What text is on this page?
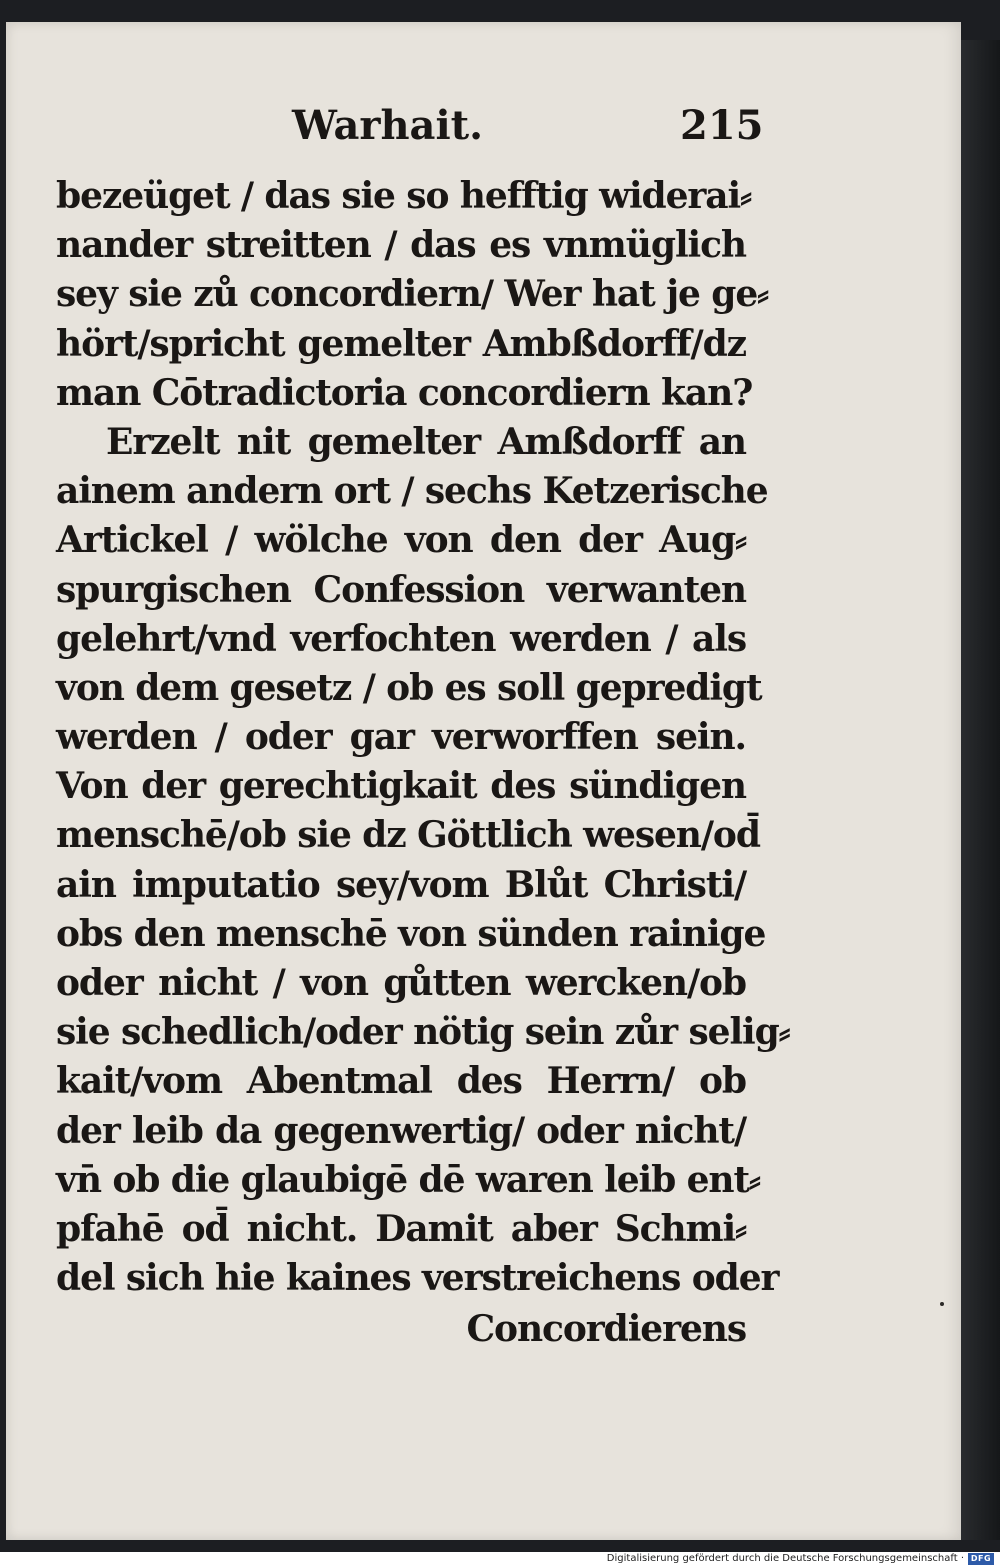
Warhait.	215
bezeüget / das sie so hefftig widerai⸗
nander streitten / das es vnmüglich
sey sie zů concordiern/ Wer hat je ge⸗
hört/spricht gemelter Ambßdorff/dz
man Cōtradictoria concordiern kan?
Erzelt nit gemelter Amßdorff an
ainem andern ort / sechs Ketzerische
Artickel / wölche von den der Aug⸗
spurgischen Confession verwanten
gelehrt/vnd verfochten werden / als
von dem gesetz / ob es soll gepredigt
werden / oder gar verworffen sein.
Von der gerechtigkait des sündigen
menschē/ob sie dz Göttlich wesen/od̄
ain imputatio sey/vom Blůt Christi/
obs den menschē von sünden rainige
oder nicht / von gůtten wercken/ob
sie schedlich/oder nötig sein zůr selig⸗
kait/vom Abentmal des Herrn/ ob
der leib da gegenwertig/ oder nicht/
vn̄ ob die glaubigē dē waren leib ent⸗
pfahē od̄ nicht. Damit aber Schmi⸗
del sich hie kaines verstreichens oder
Concordierens
Digitalisierung gefördert durch die Deutsche Forschungsgemeinschaft · DFG
